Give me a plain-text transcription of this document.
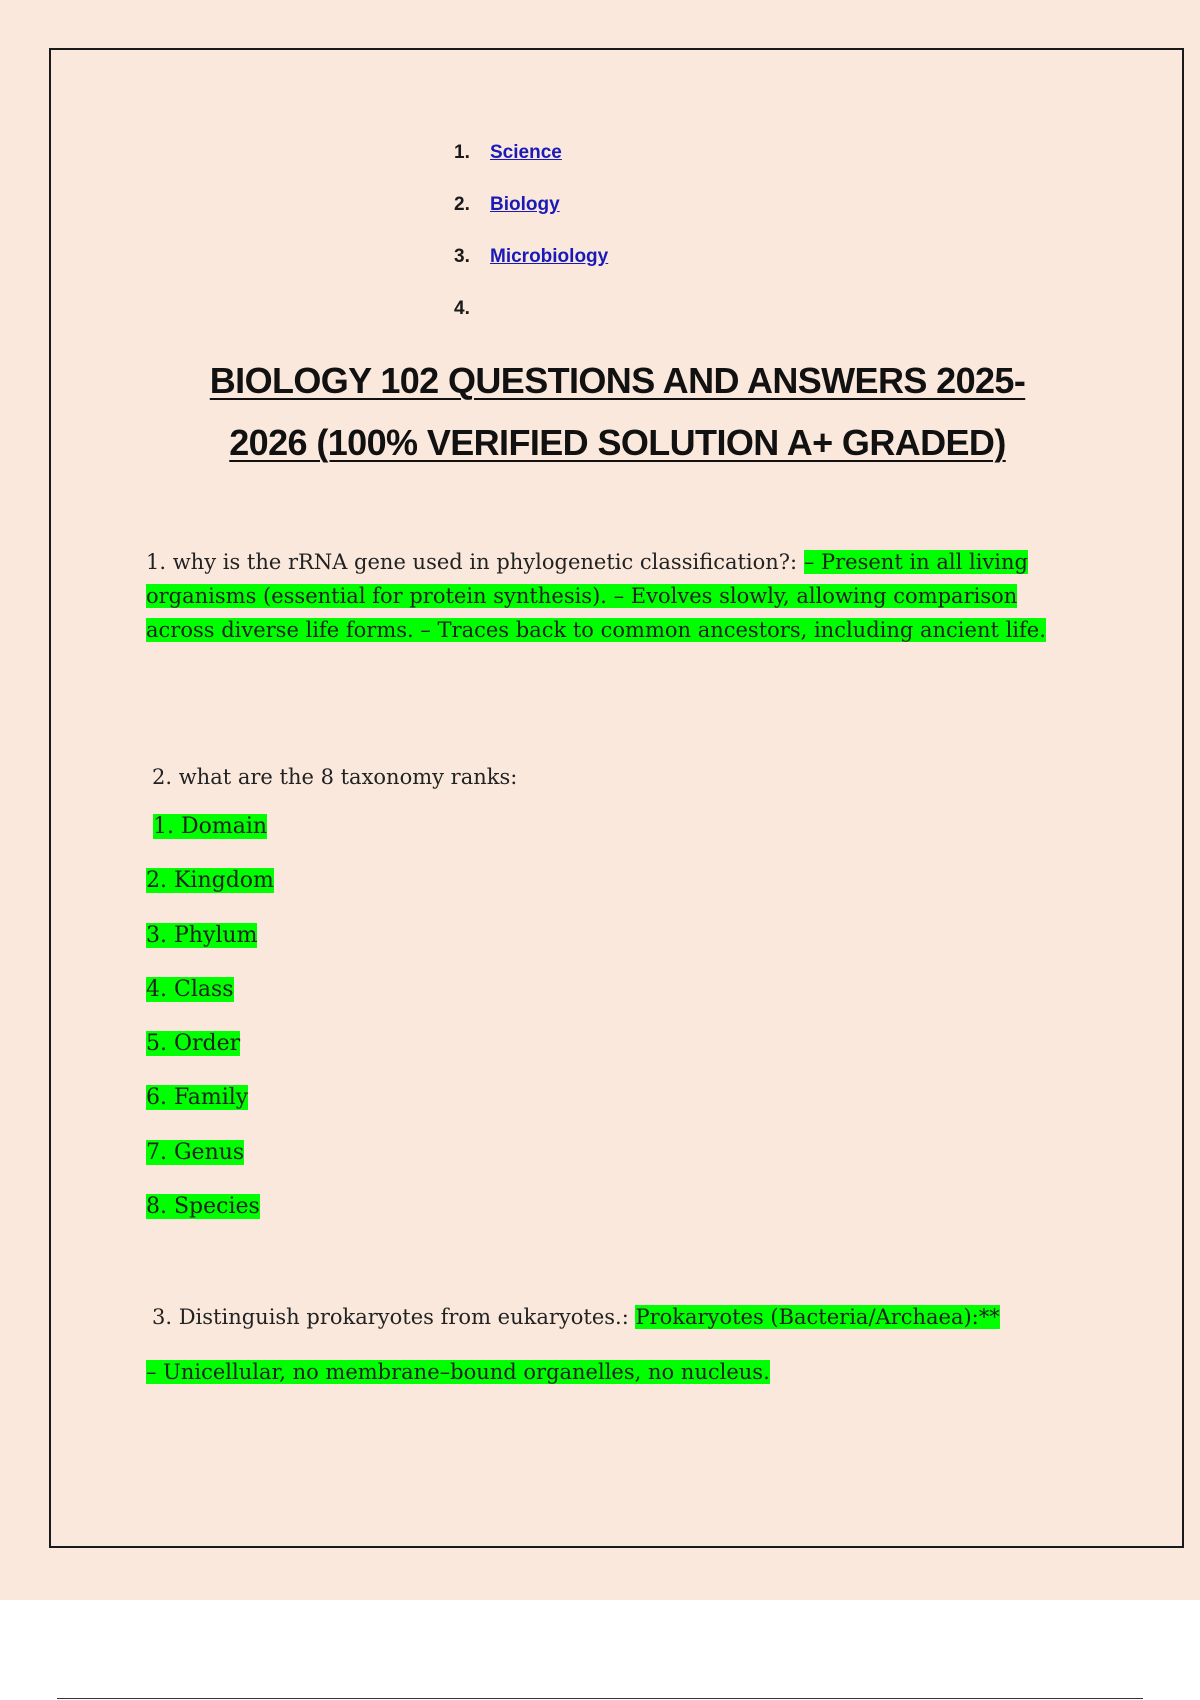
1.	Science
2.	Biology
3.	Microbiology
4.
BIOLOGY 102 QUESTIONS AND ANSWERS 2025-
2026 (100% VERIFIED SOLUTION A+ GRADED)

1. why is the rRNA gene used in phylogenetic classification?: – Present in all living organisms (essential for protein synthesis). – Evolves slowly, allowing comparison across diverse life forms. – Traces back to common ancestors, including ancient life.

2. what are the 8 taxonomy ranks:

1. Domain
2. Kingdom
3. Phylum
4. Class
5. Order
6. Family
7. Genus
8. Species

3. Distinguish prokaryotes from eukaryotes.: Prokaryotes (Bacteria/Archaea):**

– Unicellular, no membrane–bound organelles, no nucleus.
